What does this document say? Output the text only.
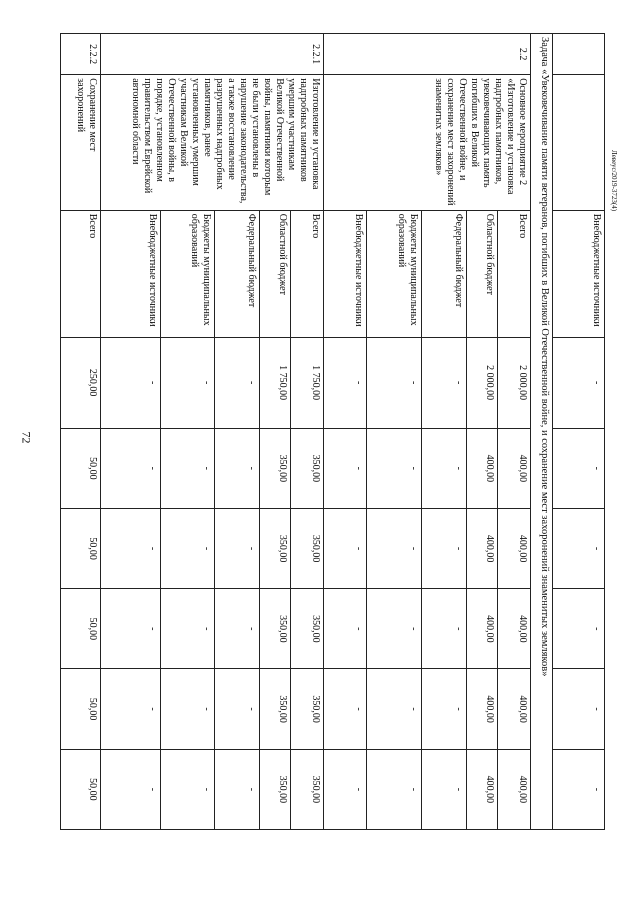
72
Левеус/2019-3723(4)
		Внебюджетные источники	-	-	-	-	-	-
Задача «Увековечивание памяти ветеранов, погибших в Великой Отечественной войне, и сохранение мест захоронений знаменитых земляков»								
2.2	Основное мероприятие 2 «Изготовление и установка надгробных памятников, увековечивающих память погибших в Великой Отечественной войне, и сохранение мест захоронений знаменитых земляков»	Всего	2 000,00	400,00	400,00	400,00	400,00	400,00
		Областной бюджет	2 000,00	400,00	400,00	400,00	400,00	400,00
		Федеральный бюджет	-	-	-	-	-	-
		Бюджеты муниципальных образований	-	-	-	-	-	-
		Внебюджетные источники	-	-	-	-	-	-
2.2.1	Изготовление и установка надгробных памятников умершим участникам Великой Отечественной войны, памятники которым не были установлены в нарушение законодательства, а также восстановление разрушенных надгробных памятников, ранее установленных умершим участникам Великой Отечественной войны, в порядке, установленном правительством Еврейской автономной области	Всего	1 750,00	350,00	350,00	350,00	350,00	350,00
		Областной бюджет	1 750,00	350,00	350,00	350,00	350,00	350,00
		Федеральный бюджет	-	-	-	-	-	-
		Бюджеты муниципальных образований	-	-	-	-	-	-
		Внебюджетные источники	-	-	-	-	-	-
2.2.2	Сохранение мест захоронений	Всего	250,00	50,00	50,00	50,00	50,00	50,00
